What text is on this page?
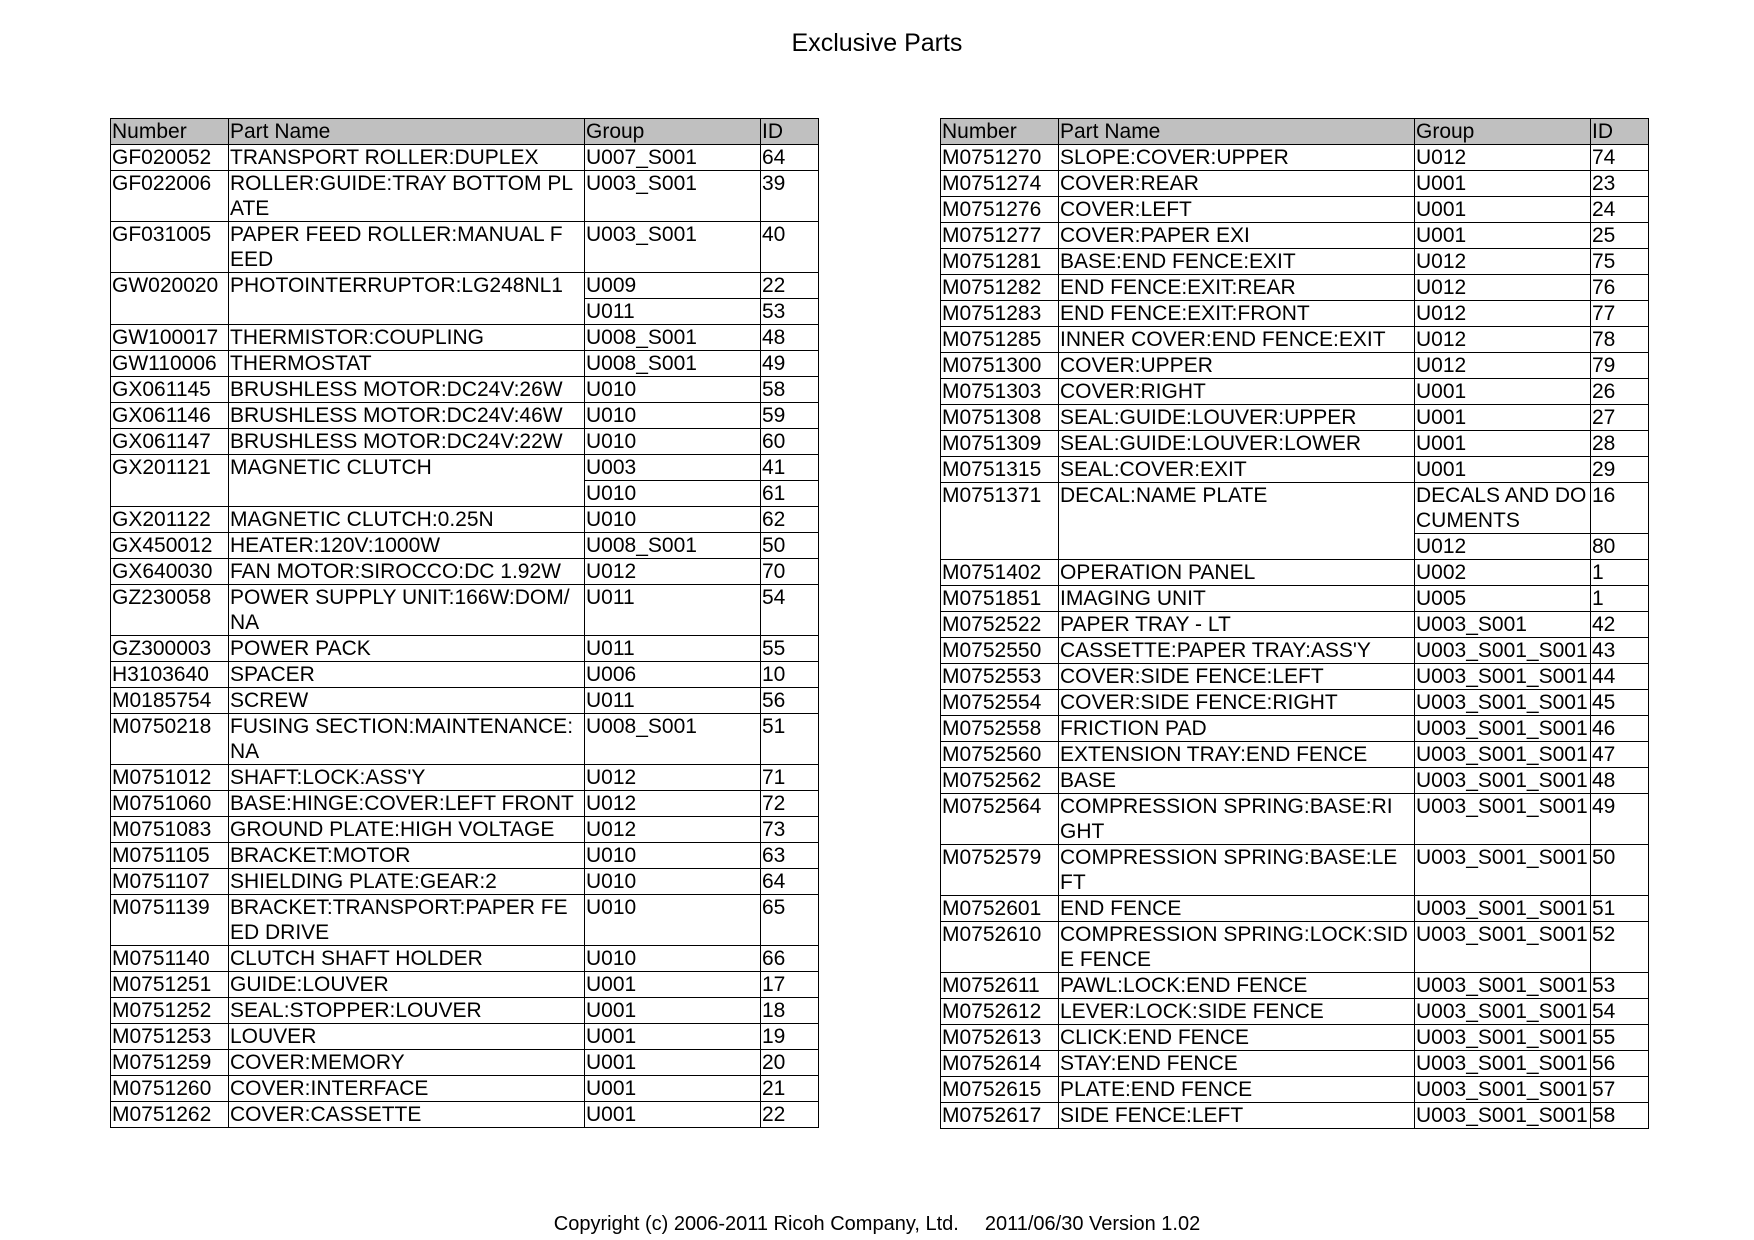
Exclusive Parts
Number	Part Name	Group	ID
GF020052	TRANSPORT ROLLER:DUPLEX	U007_S001	64
GF022006	ROLLER:GUIDE:TRAY BOTTOM PL ATE	U003_S001	39
GF031005	PAPER FEED ROLLER:MANUAL F EED	U003_S001	40
GW020020	PHOTOINTERRUPTOR:LG248NL1	U009	22
		U011	53
GW100017	THERMISTOR:COUPLING	U008_S001	48
GW110006	THERMOSTAT	U008_S001	49
GX061145	BRUSHLESS MOTOR:DC24V:26W	U010	58
GX061146	BRUSHLESS MOTOR:DC24V:46W	U010	59
GX061147	BRUSHLESS MOTOR:DC24V:22W	U010	60
GX201121	MAGNETIC CLUTCH	U003	41
		U010	61
GX201122	MAGNETIC CLUTCH:0.25N	U010	62
GX450012	HEATER:120V:1000W	U008_S001	50
GX640030	FAN MOTOR:SIROCCO:DC 1.92W	U012	70
GZ230058	POWER SUPPLY UNIT:166W:DOM/ NA	U011	54
GZ300003	POWER PACK	U011	55
H3103640	SPACER	U006	10
M0185754	SCREW	U011	56
M0750218	FUSING SECTION:MAINTENANCE: NA	U008_S001	51
M0751012	SHAFT:LOCK:ASS'Y	U012	71
M0751060	BASE:HINGE:COVER:LEFT FRONT	U012	72
M0751083	GROUND PLATE:HIGH VOLTAGE	U012	73
M0751105	BRACKET:MOTOR	U010	63
M0751107	SHIELDING PLATE:GEAR:2	U010	64
M0751139	BRACKET:TRANSPORT:PAPER FE ED DRIVE	U010	65
M0751140	CLUTCH SHAFT HOLDER	U010	66
M0751251	GUIDE:LOUVER	U001	17
M0751252	SEAL:STOPPER:LOUVER	U001	18
M0751253	LOUVER	U001	19
M0751259	COVER:MEMORY	U001	20
M0751260	COVER:INTERFACE	U001	21
M0751262	COVER:CASSETTE	U001	22
Number	Part Name	Group	ID
M0751270	SLOPE:COVER:UPPER	U012	74
M0751274	COVER:REAR	U001	23
M0751276	COVER:LEFT	U001	24
M0751277	COVER:PAPER EXI	U001	25
M0751281	BASE:END FENCE:EXIT	U012	75
M0751282	END FENCE:EXIT:REAR	U012	76
M0751283	END FENCE:EXIT:FRONT	U012	77
M0751285	INNER COVER:END FENCE:EXIT	U012	78
M0751300	COVER:UPPER	U012	79
M0751303	COVER:RIGHT	U001	26
M0751308	SEAL:GUIDE:LOUVER:UPPER	U001	27
M0751309	SEAL:GUIDE:LOUVER:LOWER	U001	28
M0751315	SEAL:COVER:EXIT	U001	29
M0751371	DECAL:NAME PLATE	DECALS AND DO CUMENTS	16
		U012	80
M0751402	OPERATION PANEL	U002	1
M0751851	IMAGING UNIT	U005	1
M0752522	PAPER TRAY - LT	U003_S001	42
M0752550	CASSETTE:PAPER TRAY:ASS'Y	U003_S001_S001	43
M0752553	COVER:SIDE FENCE:LEFT	U003_S001_S001	44
M0752554	COVER:SIDE FENCE:RIGHT	U003_S001_S001	45
M0752558	FRICTION PAD	U003_S001_S001	46
M0752560	EXTENSION TRAY:END FENCE	U003_S001_S001	47
M0752562	BASE	U003_S001_S001	48
M0752564	COMPRESSION SPRING:BASE:RI GHT	U003_S001_S001	49
M0752579	COMPRESSION SPRING:BASE:LE FT	U003_S001_S001	50
M0752601	END FENCE	U003_S001_S001	51
M0752610	COMPRESSION SPRING:LOCK:SID E FENCE	U003_S001_S001	52
M0752611	PAWL:LOCK:END FENCE	U003_S001_S001	53
M0752612	LEVER:LOCK:SIDE FENCE	U003_S001_S001	54
M0752613	CLICK:END FENCE	U003_S001_S001	55
M0752614	STAY:END FENCE	U003_S001_S001	56
M0752615	PLATE:END FENCE	U003_S001_S001	57
M0752617	SIDE FENCE:LEFT	U003_S001_S001	58
Copyright (c) 2006-2011 Ricoh Company, Ltd. 2011/06/30 Version 1.02
